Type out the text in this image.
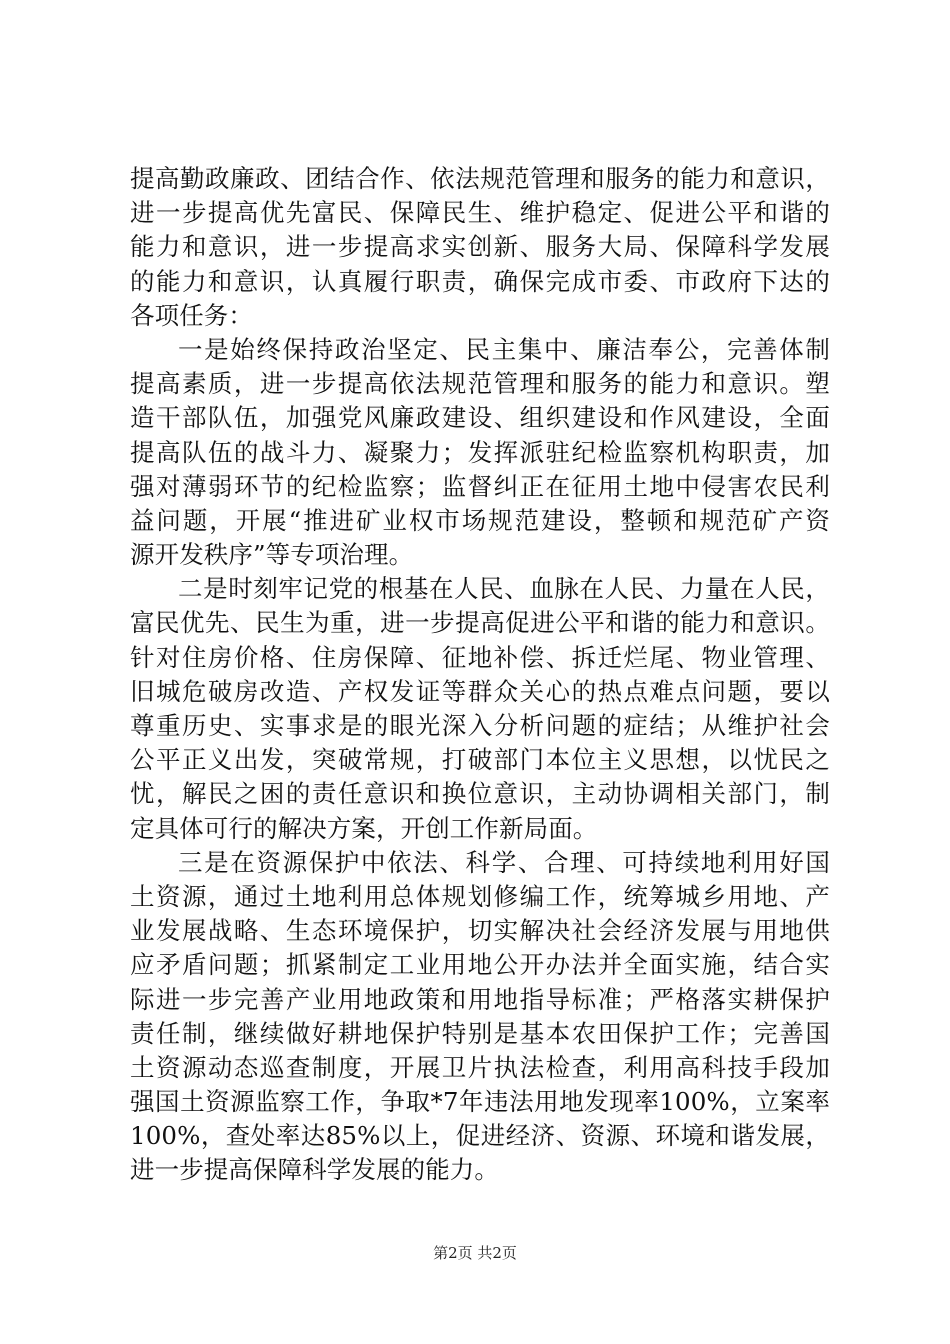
提高勤政廉政、团结合作、依法规范管理和服务的能力和意识，
进一步提高优先富民、保障民生、维护稳定、促进公平和谐的
能力和意识，进一步提高求实创新、服务大局、保障科学发展
的能力和意识，认真履行职责，确保完成市委、市政府下达的
各项任务：
一是始终保持政治坚定、民主集中、廉洁奉公，完善体制
提高素质，进一步提高依法规范管理和服务的能力和意识。塑
造干部队伍，加强党风廉政建设、组织建设和作风建设，全面
提高队伍的战斗力、凝聚力；发挥派驻纪检监察机构职责，加
强对薄弱环节的纪检监察；监督纠正在征用土地中侵害农民利
益问题，开展“推进矿业权市场规范建设，整顿和规范矿产资
源开发秩序”等专项治理。
二是时刻牢记党的根基在人民、血脉在人民、力量在人民，
富民优先、民生为重，进一步提高促进公平和谐的能力和意识。
针对住房价格、住房保障、征地补偿、拆迁烂尾、物业管理、
旧城危破房改造、产权发证等群众关心的热点难点问题，要以
尊重历史、实事求是的眼光深入分析问题的症结；从维护社会
公平正义出发，突破常规，打破部门本位主义思想，以忧民之
忧，解民之困的责任意识和换位意识，主动协调相关部门，制
定具体可行的解决方案，开创工作新局面。
三是在资源保护中依法、科学、合理、可持续地利用好国
土资源，通过土地利用总体规划修编工作，统筹城乡用地、产
业发展战略、生态环境保护，切实解决社会经济发展与用地供
应矛盾问题；抓紧制定工业用地公开办法并全面实施，结合实
际进一步完善产业用地政策和用地指导标准；严格落实耕保护
责任制，继续做好耕地保护特别是基本农田保护工作；完善国
土资源动态巡查制度，开展卫片执法检查，利用高科技手段加
强国土资源监察工作，争取*7年违法用地发现率100%，立案率
100%，查处率达85%以上，促进经济、资源、环境和谐发展，
进一步提高保障科学发展的能力。
第2页 共2页
